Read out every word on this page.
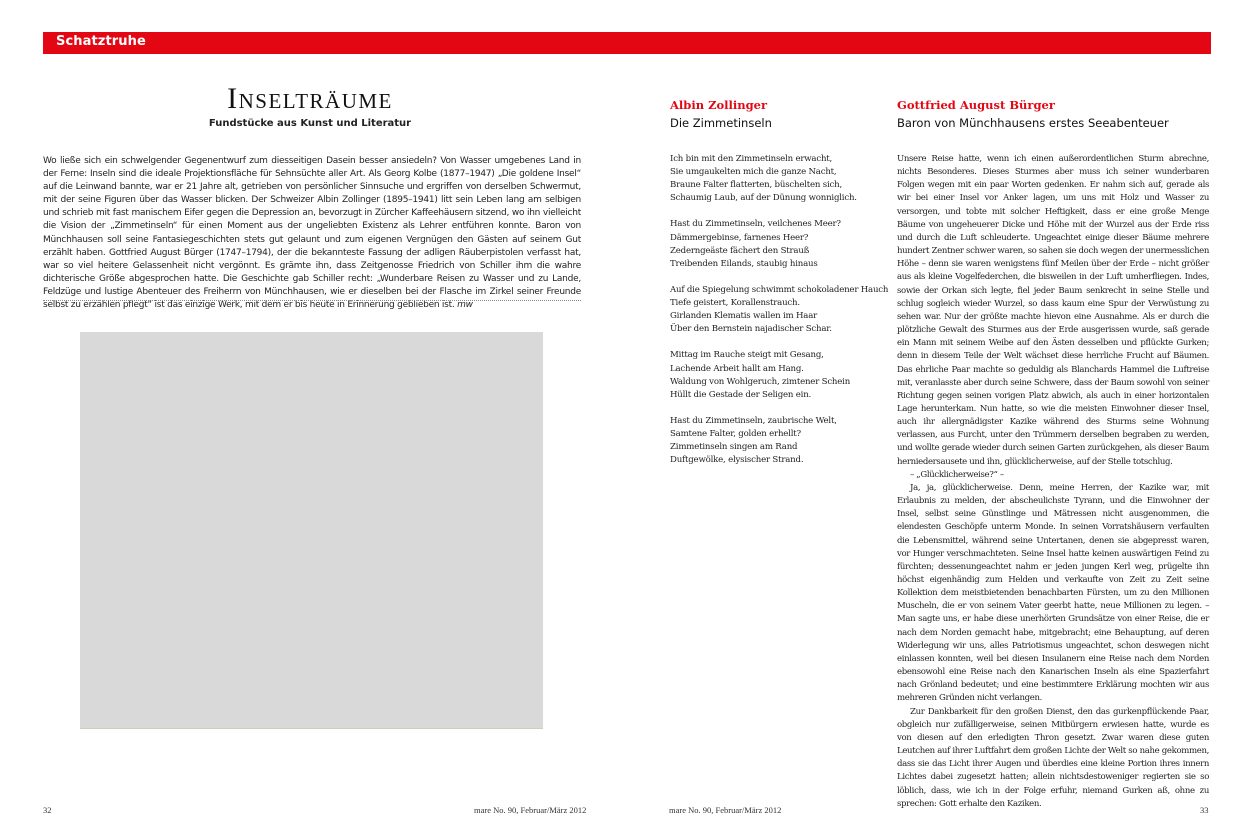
Schatztruhe
Inselträume
Fundstücke aus Kunst und Literatur
Wo ließe sich ein schwelgender Gegenentwurf zum diesseitigen Dasein besser ansiedeln? Von Wasser umgebenes Land in der Ferne: Inseln sind die ideale Projektionsfläche für Sehnsüchte aller Art. Als Georg Kolbe (1877–1947) „Die goldene Insel“ auf die Leinwand bannte, war er 21 Jahre alt, getrieben von persönlicher Sinnsuche und ergriffen von derselben Schwermut, mit der seine Figuren über das Wasser blicken. Der Schweizer Albin Zollinger (1895–1941) litt sein Leben lang am selbigen und schrieb mit fast manischem Eifer gegen die Depression an, bevorzugt in Zürcher Kaffeehäusern sitzend, wo ihn vielleicht die Vision der „Zimmetinseln“ für einen Moment aus der ungeliebten Existenz als Lehrer entführen konnte. Baron von Münchhausen soll seine Fantasiegeschichten stets gut gelaunt und zum eigenen Vergnügen den Gästen auf seinem Gut erzählt haben. Gottfried August Bürger (1747–1794), der die bekannteste Fassung der adligen Räuberpistolen verfasst hat, war so viel heitere Gelassenheit nicht vergönnt. Es grämte ihn, dass Zeitgenosse Friedrich von Schiller ihm die wahre dichterische Größe abgesprochen hatte. Die Geschichte gab Schiller recht: „Wunderbare Reisen zu Wasser und zu Lande, Feldzüge und lustige Abenteuer des Freiherrn von Münchhausen, wie er dieselben bei der Flasche im Zirkel seiner Freunde selbst zu erzählen pflegt“ ist das einzige Werk, mit dem er bis heute in Erinnerung geblieben ist. mw
32	mare No. 90, Februar/März 2012	mare No. 90, Februar/März 2012	33
Albin Zollinger
Die Zimmetinseln
Ich bin mit den Zimmetinseln erwacht,
Sie umgaukelten mich die ganze Nacht,
Braune Falter flatterten, büschelten sich,
Schaumig Laub, auf der Dünung wonniglich.
Hast du Zimmetinseln, veilchenes Meer?
Dämmergebinse, farnenes Heer?
Zederngeäste fächert den Strauß
Treibenden Eilands, staubig hinaus
Auf die Spiegelung schwimmt schokoladener Hauch
Tiefe geistert, Korallenstrauch.
Girlanden Klematis wallen im Haar
Über den Bernstein najadischer Schar.
Mittag im Rauche steigt mit Gesang,
Lachende Arbeit hallt am Hang.
Waldung von Wohlgeruch, zimtener Schein
Hüllt die Gestade der Seligen ein.
Hast du Zimmetinseln, zaubrische Welt,
Samtene Falter, golden erhellt?
Zimmetinseln singen am Rand
Duftgewölke, elysischer Strand.
Gottfried August Bürger
Baron von Münchhausens erstes Seeabenteuer

Unsere Reise hatte, wenn ich einen außerordentlichen Sturm abrechne, nichts Besonderes. Dieses Sturmes aber muss ich seiner wunderbaren Folgen wegen mit ein paar Worten gedenken. Er nahm sich auf, gerade als wir bei einer Insel vor Anker lagen, um uns mit Holz und Wasser zu versorgen, und tobte mit solcher Heftigkeit, dass er eine große Menge Bäume von ungeheuerer Dicke und Höhe mit der Wurzel aus der Erde riss und durch die Luft schleuderte. Ungeachtet einige dieser Bäume mehrere hundert Zentner schwer waren, so sahen sie doch wegen der unermesslichen Höhe – denn sie waren wenigstens fünf Meilen über der Erde – nicht größer aus als kleine Vogelfederchen, die bisweilen in der Luft umherfliegen. Indes, sowie der Orkan sich legte, fiel jeder Baum senkrecht in seine Stelle und schlug sogleich wieder Wurzel, so dass kaum eine Spur der Verwüstung zu sehen war. Nur der größte machte hievon eine Ausnahme. Als er durch die plötzliche Gewalt des Sturmes aus der Erde ausgerissen wurde, saß gerade ein Mann mit seinem Weibe auf den Ästen desselben und pflückte Gurken; denn in diesem Teile der Welt wächset diese herrliche Frucht auf Bäumen. Das ehrliche Paar machte so geduldig als Blanchards Hammel die Luftreise mit, veranlasste aber durch seine Schwere, dass der Baum sowohl von seiner Richtung gegen seinen vorigen Platz abwich, als auch in einer horizontalen Lage herunterkam. Nun hatte, so wie die meisten Einwohner dieser Insel, auch ihr allergnädigster Kazike während des Sturms seine Wohnung verlassen, aus Furcht, unter den Trümmern derselben begraben zu werden, und wollte gerade wieder durch seinen Garten zurückgehen, als dieser Baum herniedersausete und ihn, glücklicherweise, auf der Stelle totschlug.

– „Glücklicherweise?“ –

Ja, ja, glücklicherweise. Denn, meine Herren, der Kazike war, mit Erlaubnis zu melden, der abscheulichste Tyrann, und die Einwohner der Insel, selbst seine Günstlinge und Mätressen nicht ausgenommen, die elendesten Geschöpfe unterm Monde. In seinen Vorratshäusern verfaulten die Lebensmittel, während seine Untertanen, denen sie abgepresst waren, vor Hunger verschmachteten. Seine Insel hatte keinen auswärtigen Feind zu fürchten; dessenungeachtet nahm er jeden jungen Kerl weg, prügelte ihn höchst eigenhändig zum Helden und verkaufte von Zeit zu Zeit seine Kollektion dem meistbietenden benachbarten Fürsten, um zu den Millionen Muscheln, die er von seinem Vater geerbt hatte, neue Millionen zu legen. – Man sagte uns, er habe diese unerhörten Grundsätze von einer Reise, die er nach dem Norden gemacht habe, mitgebracht; eine Behauptung, auf deren Widerlegung wir uns, alles Patriotismus ungeachtet, schon deswegen nicht einlassen konnten, weil bei diesen Insulanern eine Reise nach dem Norden ebensowohl eine Reise nach den Kanarischen Inseln als eine Spazierfahrt nach Grönland bedeutet; und eine bestimmtere Erklärung mochten wir aus mehreren Gründen nicht verlangen.

Zur Dankbarkeit für den großen Dienst, den das gurkenpflückende Paar, obgleich nur zufälligerweise, seinen Mitbürgern erwiesen hatte, wurde es von diesen auf den erledigten Thron gesetzt. Zwar waren diese guten Leutchen auf ihrer Luftfahrt dem großen Lichte der Welt so nahe gekommen, dass sie das Licht ihrer Augen und überdies eine kleine Portion ihres innern Lichtes dabei zugesetzt hatten; allein nichtsdestoweniger regierten sie so löblich, dass, wie ich in der Folge erfuhr, niemand Gurken aß, ohne zu sprechen: Gott erhalte den Kaziken.
